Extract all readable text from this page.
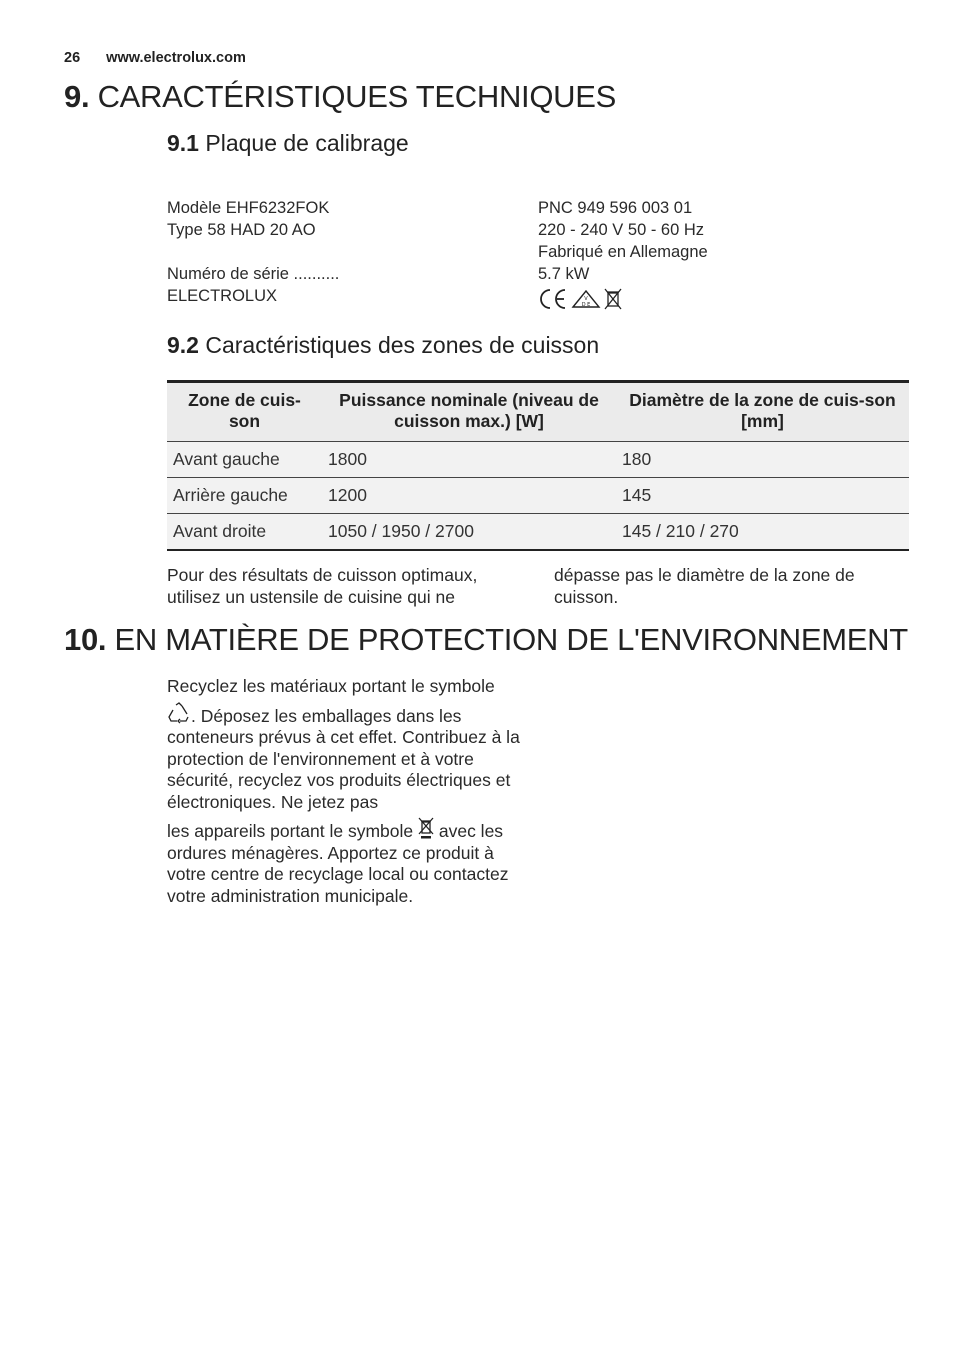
26 www.electrolux.com
9. CARACTÉRISTIQUES TECHNIQUES
9.1 Plaque de calibrage
Modèle EHF6232FOK
Type 58 HAD 20 AO
Numéro de série ..........
ELECTROLUX
PNC 949 596 003 01
220 - 240 V 50 - 60 Hz
Fabriqué en Allemagne
5.7 kW
V
D E
9.2 Caractéristiques des zones de cuisson
Zone de cuis-son	Puissance nominale (niveau de cuisson max.) [W]	Diamètre de la zone de cuis-son [mm]
Avant gauche	1800	180
Arrière gauche	1200	145
Avant droite	1050 / 1950 / 2700	145 / 210 / 270
Pour des résultats de cuisson optimaux, utilisez un ustensile de cuisine qui ne
dépasse pas le diamètre de la zone de cuisson.
10. EN MATIÈRE DE PROTECTION DE L'ENVIRONNEMENT
Recyclez les matériaux portant le symbole

. Déposez les emballages dans les conteneurs prévus à cet effet. Contribuez à la protection de l'environnement et à votre sécurité, recyclez vos produits électriques et électroniques. Ne jetez pas

les appareils portant le symbole avec les ordures ménagères. Apportez ce produit à votre centre de recyclage local ou contactez votre administration municipale.
